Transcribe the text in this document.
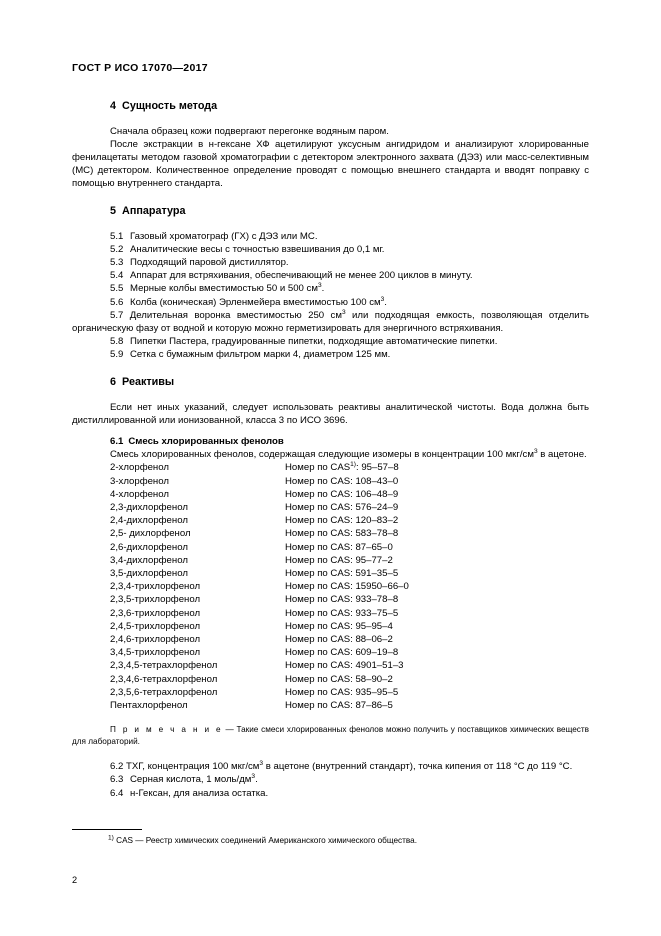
ГОСТ Р ИСО 17070—2017
4 Сущность метода

Сначала образец кожи подвергают перегонке водяным паром.

После экстракции в н-гексане ХФ ацетилируют уксусным ангидридом и анализируют хлорированные фенилацетаты методом газовой хроматографии с детектором электронного захвата (ДЭЗ) или масс-селективным (МС) детектором. Количественное определение проводят с помощью внешнего стандарта и вводят поправку с помощью внутреннего стандарта.

5 Аппаратура
5.1 Газовый хроматограф (ГХ) с ДЭЗ или МС.
5.2 Аналитические весы с точностью взвешивания до 0,1 мг.
5.3 Подходящий паровой дистиллятор.
5.4 Аппарат для встряхивания, обеспечивающий не менее 200 циклов в минуту.
5.5 Мерные колбы вместимостью 50 и 500 $см^3$.
5.6 Колба (коническая) Эрленмейера вместимостью 100 $см^3$.
5.7 Делительная воронка вместимостью 250 $см^3$ или подходящая емкость, позволяющая отделить органическую фазу от водной и которую можно герметизировать для энергичного встряхивания.
5.8 Пипетки Пастера, градуированные пипетки, подходящие автоматические пипетки.
5.9 Сетка с бумажным фильтром марки 4, диаметром 125 мм.
6 Реактивы

Если нет иных указаний, следует использовать реактивы аналитической чистоты. Вода должна быть дистиллированной или ионизованной, класса 3 по ИСО 3696.

6.1 Смесь хлорированных фенолов

Смесь хлорированных фенолов, содержащая следующие изомеры в концентрации 100 мкг/$см^3$ в ацетоне.

2-хлорфенол	Номер по CAS$^{1)}$: 95–57–8
3-хлорфенол	Номер по CAS: 108–43–0
4-хлорфенол	Номер по CAS: 106–48–9
2,3-дихлорфенол	Номер по CAS: 576–24–9
2,4-дихлорфенол	Номер по CAS: 120–83–2
2,5- дихлорфенол	Номер по CAS: 583–78–8
2,6-дихлорфенол	Номер по CAS: 87–65–0
3,4-дихлорфенол	Номер по CAS: 95–77–2
3,5-дихлорфенол	Номер по CAS: 591–35–5
2,3,4-трихлорфенол	Номер по CAS: 15950–66–0
2,3,5-трихлорфенол	Номер по CAS: 933–78–8
2,3,6-трихлорфенол	Номер по CAS: 933–75–5
2,4,5-трихлорфенол	Номер по CAS: 95–95–4
2,4,6-трихлорфенол	Номер по CAS: 88–06–2
3,4,5-трихлорфенол	Номер по CAS: 609–19–8
2,3,4,5-тетрахлорфенол	Номер по CAS: 4901–51–3
2,3,4,6-тетрахлорфенол	Номер по CAS: 58–90–2
2,3,5,6-тетрахлорфенол	Номер по CAS: 935–95–5
Пентахлорфенол	Номер по CAS: 87–86–5

П р и м е ч а н и е — Такие смеси хлорированных фенолов можно получить у поставщиков химических веществ для лабораторий.

6.2 ТХГ, концентрация 100 мкг/$см^3$ в ацетоне (внутренний стандарт), точка кипения от 118 °С до 119 °С.
6.3 Серная кислота, 1 моль/$дм^3$.
6.4 н-Гексан, для анализа остатка.

$^{1)}$ CAS — Реестр химических соединений Американского химического общества.

2
